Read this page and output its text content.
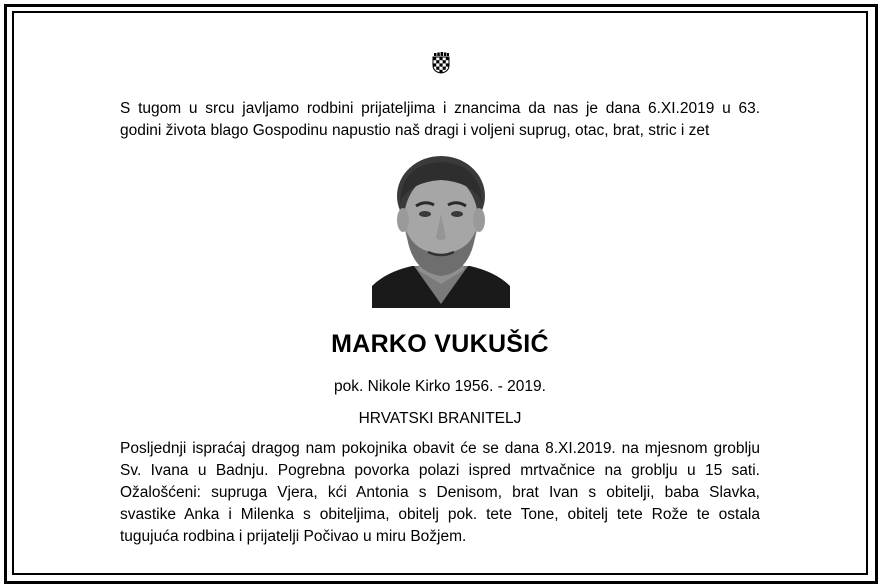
S tugom u srcu javljamo rodbini prijateljima i znancima da nas je dana 6.XI.2019 u 63.
godini života blago Gospodinu napustio naš dragi i voljeni suprug, otac, brat, stric i zet

MARKO VUKUŠIĆ

pok. Nikole Kirko 1956. - 2019.

HRVATSKI BRANITELJ

Posljednji ispraćaj dragog nam pokojnika obavit će se dana 8.XI.2019. na mjesnom groblju
Sv. Ivana u Badnju. Pogrebna povorka polazi ispred mrtvačnice na groblju u 15 sati.
Ožalošćeni: supruga Vjera, kći Antonia s Denisom, brat Ivan s obitelji, baba Slavka,
svastike Anka i Milenka s obiteljima, obitelj pok. tete Tone, obitelj tete Rože te ostala
tugujuća rodbina i prijatelji Počivao u miru Božjem.
